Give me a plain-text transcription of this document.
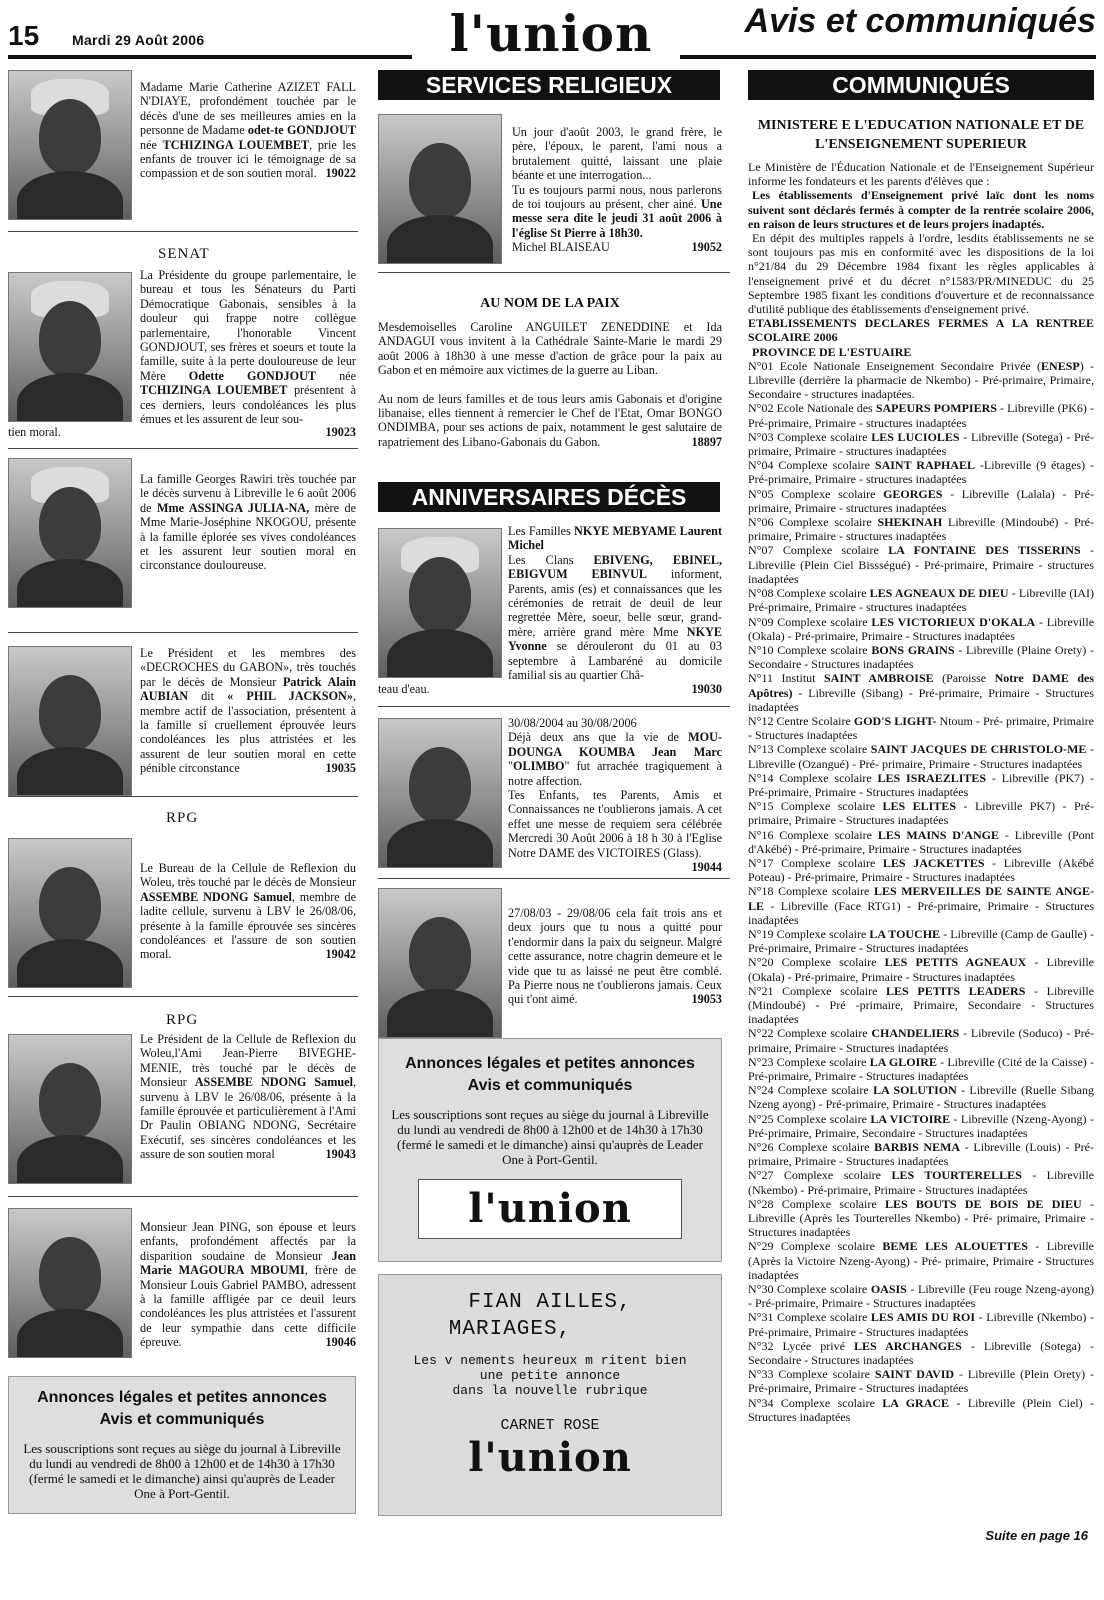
15 Mardi 29 Août 2006	l'union	Avis et communiqués
Madame Marie Catherine AZIZET FALL N'DIAYE, profondément touchée par le décès d'une de ses meilleures amies en la personne de Madame odet-te GONDJOUT née TCHIZINGA LOUEMBET, prie les enfants de trouver ici le témoignage de sa compassion et de son soutien moral. 19022
SENAT
La Présidente du groupe parlementaire, le bureau et tous les Sénateurs du Parti Démocratique Gabonais, sensibles à la douleur qui frappe notre collègue parlementaire, l'honorable Vincent GONDJOUT, ses frères et soeurs et toute la famille, suite à la perte douloureuse de leur Mère Odette GONDJOUT née TCHIZINGA LOUEMBET présentent à ces derniers, leurs condoléances les plus émues et les assurent de leur sou-
tien moral.	19023
La famille Georges Rawiri très touchée par le décès survenu à Libreville le 6 août 2006 de Mme ASSINGA JULIA-NA, mère de Mme Marie-Joséphine NKOGOU, présente à la famille éplorée ses vives condoléances et les assurent leur soutien moral en circonstance douloureuse.
Le Président et les membres des «DECROCHES du GABON», très touchés par le décès de Monsieur Patrick Alain AUBIAN dit « PHIL JACKSON», membre actif de l'association, présentent à la famille si cruellement éprouvée leurs condoléances les plus attristées et les assurent de leur soutien moral en cette pénible circonstance	19035
RPG
Le Bureau de la Cellule de Reflexion du Woleu, très touché par le décès de Monsieur ASSEMBE NDONG Samuel, membre de ladite cellule, survenu à LBV le 26/08/06, présente à la famille éprouvée ses sincères condoléances et l'assure de son soutien moral.	19042
RPG
Le Président de la Cellule de Reflexion du Woleu,l'Ami Jean-Pierre BIVEGHE-MENIE, très touché par le décès de Monsieur ASSEMBE NDONG Samuel, survenu à LBV le 26/08/06, présente à la famille éprouvée et particulièrement à l'Ami Dr Paulin OBIANG NDONG, Secrétaire Exécutif, ses sincères condoléances et les assure de son soutien moral	19043
Monsieur Jean PING, son épouse et leurs enfants, profondément affectés par la disparition soudaine de Monsieur Jean Marie MAGOURA MBOUMI, frère de Monsieur Louis Gabriel PAMBO, adressent à la famille affligée par ce deuil leurs condoléances les plus attristées et l'assurent de leur sympathie dans cette difficile épreuve.	19046
Annonces légales et petites annonces
Avis et communiqués
Les souscriptions sont reçues au siège du journal à Libreville du lundi au vendredi de 8h00 à 12h00 et de 14h30 à 17h30 (fermé le samedi et le dimanche) ainsi qu'auprès de Leader One à Port-Gentil.
SERVICES RELIGIEUX
Un jour d'août 2003, le grand frère, le père, l'époux, le parent, l'ami nous a brutalement quitté, laissant une plaie béante et une interrogation...
Tu es toujours parmi nous, nous parlerons de toi toujours au présent, cher ainé. Une messe sera dite le jeudi 31 août 2006 à l'église St Pierre à 18h30.
Michel BLAISEAU	19052
AU NOM DE LA PAIX
Mesdemoiselles Caroline ANGUILET ZENEDDINE et Ida ANDAGUI vous invitent à la Cathédrale Sainte-Marie le mardi 29 août 2006 à 18h30 à une messe d'action de grâce pour la paix au Gabon et en mémoire aux victimes de la guerre au Liban.
Au nom de leurs familles et de tous leurs amis Gabonais et d'origine libanaise, elles tiennent à remercier le Chef de l'Etat, Omar BONGO ONDIMBA, pour ses actions de paix, notamment le gest salutaire de rapatriement des Libano-Gabonais du Gabon.	18897
ANNIVERSAIRES DÉCÈS
Les Familles NKYE MEBYAME Laurent Michel
Les Clans EBIVENG, EBINEL, EBIGVUM EBINVUL informent, Parents, amis (es) et connaissances que les cérémonies de retrait de deuil de leur regrettée Mère, soeur, belle sœur, grand-mère, arrière grand mère Mme NKYE Yvonne se dérouleront du 01 au 03 septembre à Lambaréné au domicile familial sis au quartier Châ-
teau d'eau.	19030
30/08/2004 au 30/08/2006
Déjà deux ans que la vie de MOU-DOUNGA KOUMBA Jean Marc "OLIMBO" fut arrachée tragiquement à notre affection.
Tes Enfants, tes Parents, Amis et Connaissances ne t'oublierons jamais. A cet effet une messe de requiem sera célébrée Mercredi 30 Août 2006 à 18 h 30 à l'Eglise Notre DAME des VICTOIRES (Glass).
19044
27/08/03 - 29/08/06 cela fait trois ans et deux jours que tu nous a quitté pour t'endormir dans la paix du seigneur. Malgré cette assurance, notre chagrin demeure et le vide que tu as laissé ne peut être comblé. Pa Pierre nous ne t'oublierons jamais. Ceux qui t'ont aimé.	19053
Annonces légales et petites annonces
Avis et communiqués
Les souscriptions sont reçues au siège du journal à Libreville du lundi au vendredi de 8h00 à 12h00 et de 14h30 à 17h30 (fermé le samedi et le dimanche) ainsi qu'auprès de Leader One à Port-Gentil.
l'union
FIAN AILLES,
MARIAGES,
Les v nements heureux m ritent bien
une petite annonce
dans la nouvelle rubrique
CARNET ROSE
l'union
COMMUNIQUÉS
MINISTERE E L'EDUCATION NATIONALE ET DE L'ENSEIGNEMENT SUPERIEUR

Le Ministère de l'Éducation Nationale et de l'Enseignement Supérieur informe les fondateurs et les parents d'élèves que :

Les établissements d'Enseignement privé laïc dont les noms suivent sont déclarés fermés à compter de la rentrée scolaire 2006, en raison de leurs structures et de leurs projers inadaptés.

En dépit des multiples rappels à l'ordre, lesdits établissements ne se sont toujours pas mis en conformité avec les dispositions de la loi n°21/84 du 29 Décembre 1984 fixant les règles applicables à l'enseignement privé et du décret n°1583/PR/MINEDUC du 25 Septembre 1985 fixant les conditions d'ouverture et de reconnaissance d'utilité publique des établissements d'enseignement privé.

ETABLISSEMENTS DECLARES FERMES A LA RENTREE SCOLAIRE 2006

PROVINCE DE L'ESTUAIRE

N°01 Ecole Nationale Enseignement Secondaire Privée (ENESP) - Libreville (derrière la pharmacie de Nkembo) - Pré-primaire, Primaire, Secondaire - structures inadaptées.

N°02 Ecole Nationale des SAPEURS POMPIERS - Libreville (PK6) -Pré-primaire, Primaire - structures inadaptées

N°03 Complexe scolaire LES LUCIOLES - Libreville (Sotega) - Pré-primaire, Primaire - structures inadaptées

N°04 Complexe scolaire SAINT RAPHAEL -Libreville (9 étages) -Pré-primaire, Primaire - structures inadaptées

N°05 Complexe scolaire GEORGES - Libreville (Lalala) - Pré- primaire, Primaire - structures inadaptées

N°06 Complexe scolaire SHEKINAH Libreville (Mindoubé) - Pré-primaire, Primaire - structures inadaptées

N°07 Complexe scolaire LA FONTAINE DES TISSERINS - Libreville (Plein Ciel Bissségué) - Pré-primaire, Primaire - structures inadaptées

N°08 Complexe scolaire LES AGNEAUX DE DIEU - Libreville (IAI) Pré-primaire, Primaire - structures inadaptées

N°09 Complexe scolaire LES VICTORIEUX D'OKALA - Libreville (Okala) - Pré-primaire, Primaire - Structures inadaptées

N°10 Complexe scolaire BONS GRAINS - Libreville (Plaine Orety) - Secondaire - Structures inadaptées

N°11 Institut SAINT AMBROISE (Paroisse Notre DAME des Apôtres) - Libreville (Sibang) - Pré-primaire, Primaire - Structures inadaptées

N°12 Centre Scolaire GOD'S LIGHT- Ntoum - Pré- primaire, Primaire - Structures inadaptées

N°13 Complexe scolaire SAINT JACQUES DE CHRISTOLO-ME - Libreville (Ozangué) - Pré- primaire, Primaire - Structures inadaptées

N°14 Complexe scolaire LES ISRAEZLITES - Libreville (PK7) - Pré-primaire, Primaire - Structures inadaptées

N°15 Complexe scolaire LES ELITES - Libreville PK7) - Pré-primaire, Primaire - Structures inadaptées

N°16 Complexe scolaire LES MAINS D'ANGE - Libreville (Pont d'Akébé) - Pré-primaire, Primaire - Structures inadaptées

N°17 Complexe scolaire LES JACKETTES - Libreville (Akébé Poteau) - Pré-primaire, Primaire - Structures inadaptées

N°18 Complexe scolaire LES MERVEILLES DE SAINTE ANGE-LE - Libreville (Face RTG1) - Pré-primaire, Primaire - Structures inadaptées

N°19 Complexe scolaire LA TOUCHE - Libreville (Camp de Gaulle) - Pré-primaire, Primaire - Structures inadaptées

N°20 Complexe scolaire LES PETITS AGNEAUX - Libreville (Okala) - Pré-primaire, Primaire - Structures inadaptées

N°21 Complexe scolaire LES PETITS LEADERS - Libreville (Mindoubé) - Pré -primaire, Primaire, Secondaire - Structures inadaptées

N°22 Complexe scolaire CHANDELIERS - Librevile (Soduco) - Pré-primaire, Primaire - Structures inadaptées

N°23 Complexe scolaire LA GLOIRE - Libreville (Cité de la Caisse) - Pré-primaire, Primaire - Structures inadaptées

N°24 Complexe scolaire LA SOLUTION - Libreville (Ruelle Sibang Nzeng ayong) - Pré-primaire, Primaire - Structures inadaptées

N°25 Complexe scolaire LA VICTOIRE - Libreville (Nzeng-Ayong) - Pré-primaire, Primaire, Secondaire - Structures inadaptées

N°26 Complexe scolaire BARBIS NEMA - Libreville (Louis) - Pré-primaire, Primaire - Structures inadaptées

N°27 Complexe scolaire LES TOURTERELLES - Libreville (Nkembo) - Pré-primaire, Primaire - Structures inadaptées

N°28 Complexe scolaire LES BOUTS DE BOIS DE DIEU - Libreville (Après les Tourterelles Nkembo) - Pré- primaire, Primaire - Structures inadaptées

N°29 Complexe scolaire BEME LES ALOUETTES - Libreville (Après la Victoire Nzeng-Ayong) - Pré- primaire, Primaire - Structures inadaptées

N°30 Complexe scolaire OASIS - Libreville (Feu rouge Nzeng-ayong) - Pré-primaire, Primaire - Structures inadaptées

N°31 Complexe scolaire LES AMIS DU ROI - Libreville (Nkembo) - Pré-primaire, Primaire - Structures inadaptées

N°32 Lycée privé LES ARCHANGES - Libreville (Sotega) - Secondaire - Structures inadaptées

N°33 Complexe scolaire SAINT DAVID - Libreville (Plein Orety) - Pré-primaire, Primaire - Structures inadaptées

N°34 Complexe scolaire LA GRACE - Libreville (Plein Ciel) - Structures inadaptées

Suite en page 16
